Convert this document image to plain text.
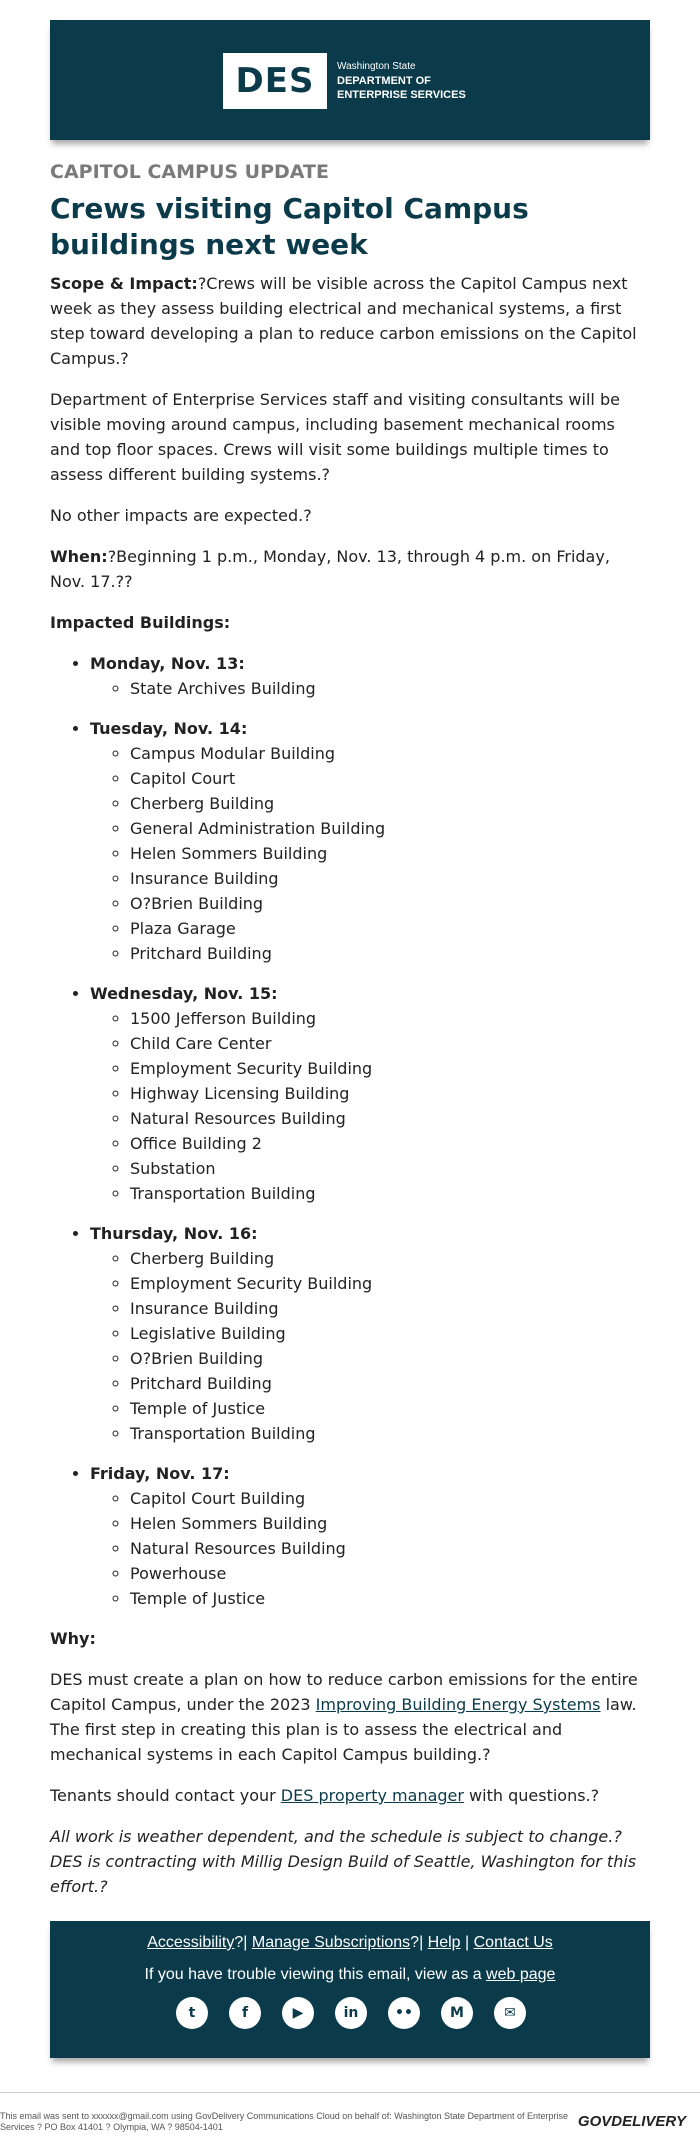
DES	Washington State
DEPARTMENT OF
ENTERPRISE SERVICES
CAPITOL CAMPUS UPDATE
Crews visiting Capitol Campus buildings next week

Scope & Impact:?Crews will be visible across the Capitol Campus next week as they assess building electrical and mechanical systems, a first step toward developing a plan to reduce carbon emissions on the Capitol Campus.?

Department of Enterprise Services staff and visiting consultants will be visible moving around campus, including basement mechanical rooms and top floor spaces. Crews will visit some buildings multiple times to assess different building systems.?

No other impacts are expected.?

When:?Beginning 1 p.m., Monday, Nov. 13, through 4 p.m. on Friday, Nov. 17.??

Impacted Buildings:

• Monday, Nov. 13:
◦ State Archives Building
• Tuesday, Nov. 14:
◦ Campus Modular Building
◦ Capitol Court
◦ Cherberg Building
◦ General Administration Building
◦ Helen Sommers Building
◦ Insurance Building
◦ O?Brien Building
◦ Plaza Garage
◦ Pritchard Building
• Wednesday, Nov. 15:
◦ 1500 Jefferson Building
◦ Child Care Center
◦ Employment Security Building
◦ Highway Licensing Building
◦ Natural Resources Building
◦ Office Building 2
◦ Substation
◦ Transportation Building
• Thursday, Nov. 16:
◦ Cherberg Building
◦ Employment Security Building
◦ Insurance Building
◦ Legislative Building
◦ O?Brien Building
◦ Pritchard Building
◦ Temple of Justice
◦ Transportation Building
• Friday, Nov. 17:
◦ Capitol Court Building
◦ Helen Sommers Building
◦ Natural Resources Building
◦ Powerhouse
◦ Temple of Justice

Why:

DES must create a plan on how to reduce carbon emissions for the entire Capitol Campus, under the 2023 Improving Building Energy Systems law. The first step in creating this plan is to assess the electrical and mechanical systems in each Capitol Campus building.?

Tenants should contact your DES property manager with questions.?

All work is weather dependent, and the schedule is subject to change.?DES is contracting with Millig Design Build of Seattle, Washington for this effort.?

Accessibility?| Manage Subscriptions?| Help | Contact Us
If you have trouble viewing this email, view as a web page
t	f	▶	in	••	M	✉
This email was sent to xxxxxx@gmail.com using GovDelivery Communications Cloud on behalf of: Washington State Department of Enterprise Services ? PO Box 41401 ? Olympia, WA ? 98504-1401	GOVDELIVERY
